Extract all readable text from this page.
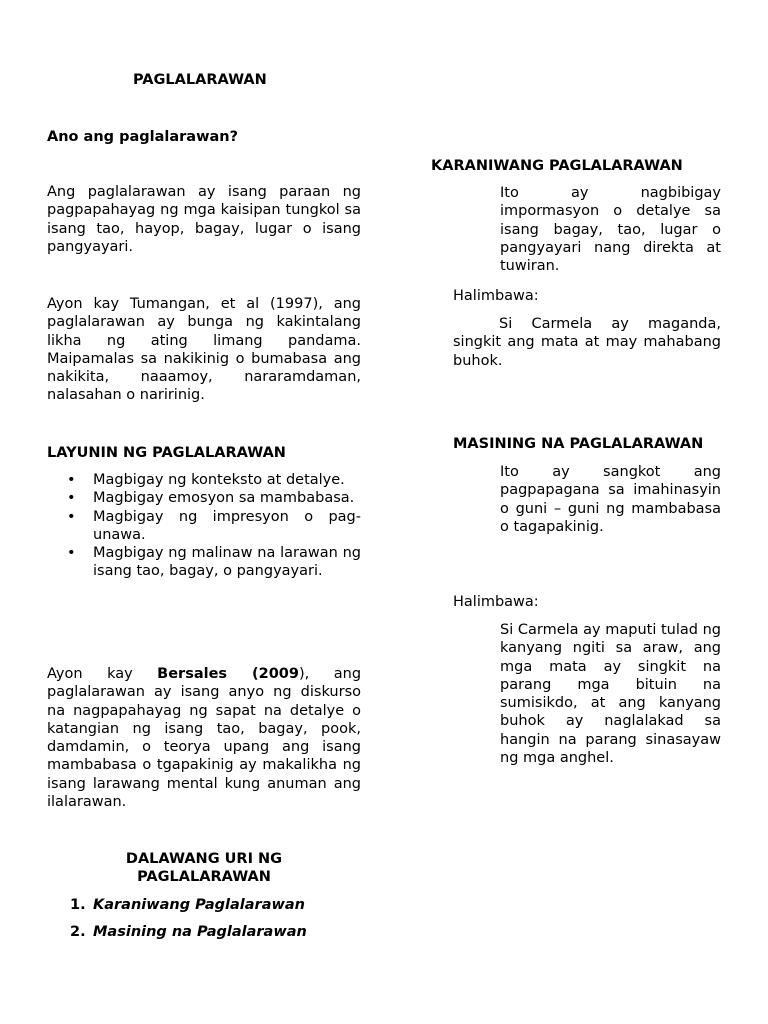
PAGLALARAWAN
Ano ang paglalarawan?
Ang paglalarawan ay isang paraan ng pagpapahayag ng mga kaisipan tungkol sa isang tao, hayop, bagay, lugar o isang pangyayari.
Ayon kay Tumangan, et al (1997), ang paglalarawan ay bunga ng kakintalang likha ng ating limang pandama. Maipamalas sa nakikinig o bumabasa ang nakikita, naaamoy, nararamdaman, nalasahan o naririnig.
LAYUNIN NG PAGLALARAWAN
• Magbigay ng konteksto at detalye.
• Magbigay emosyon sa mambabasa.
• Magbigay ng impresyon o pag-unawa.
• Magbigay ng malinaw na larawan ng isang tao, bagay, o pangyayari.
Ayon kay Bersales (2009), ang paglalarawan ay isang anyo ng diskurso na nagpapahayag ng sapat na detalye o katangian ng isang tao, bagay, pook, damdamin, o teorya upang ang isang mambabasa o tgapakinig ay makalikha ng isang larawang mental kung anuman ang ilalarawan.
DALAWANG URI NG
PAGLALARAWAN
1. Karaniwang Paglalarawan
2. Masining na Paglalarawan
KARANIWANG PAGLALARAWAN
Ito ay nagbibigay impormasyon o detalye sa isang bagay, tao, lugar o pangyayari nang direkta at tuwiran.
Halimbawa:
Si Carmela ay maganda, singkit ang mata at may mahabang buhok.
MASINING NA PAGLALARAWAN
Ito ay sangkot ang pagpapagana sa imahinasyin o guni – guni ng mambabasa o tagapakinig.
Halimbawa:
Si Carmela ay maputi tulad ng kanyang ngiti sa araw, ang mga mata ay singkit na parang mga bituin na sumisikdo, at ang kanyang buhok ay naglalakad sa hangin na parang sinasayaw ng mga anghel.
